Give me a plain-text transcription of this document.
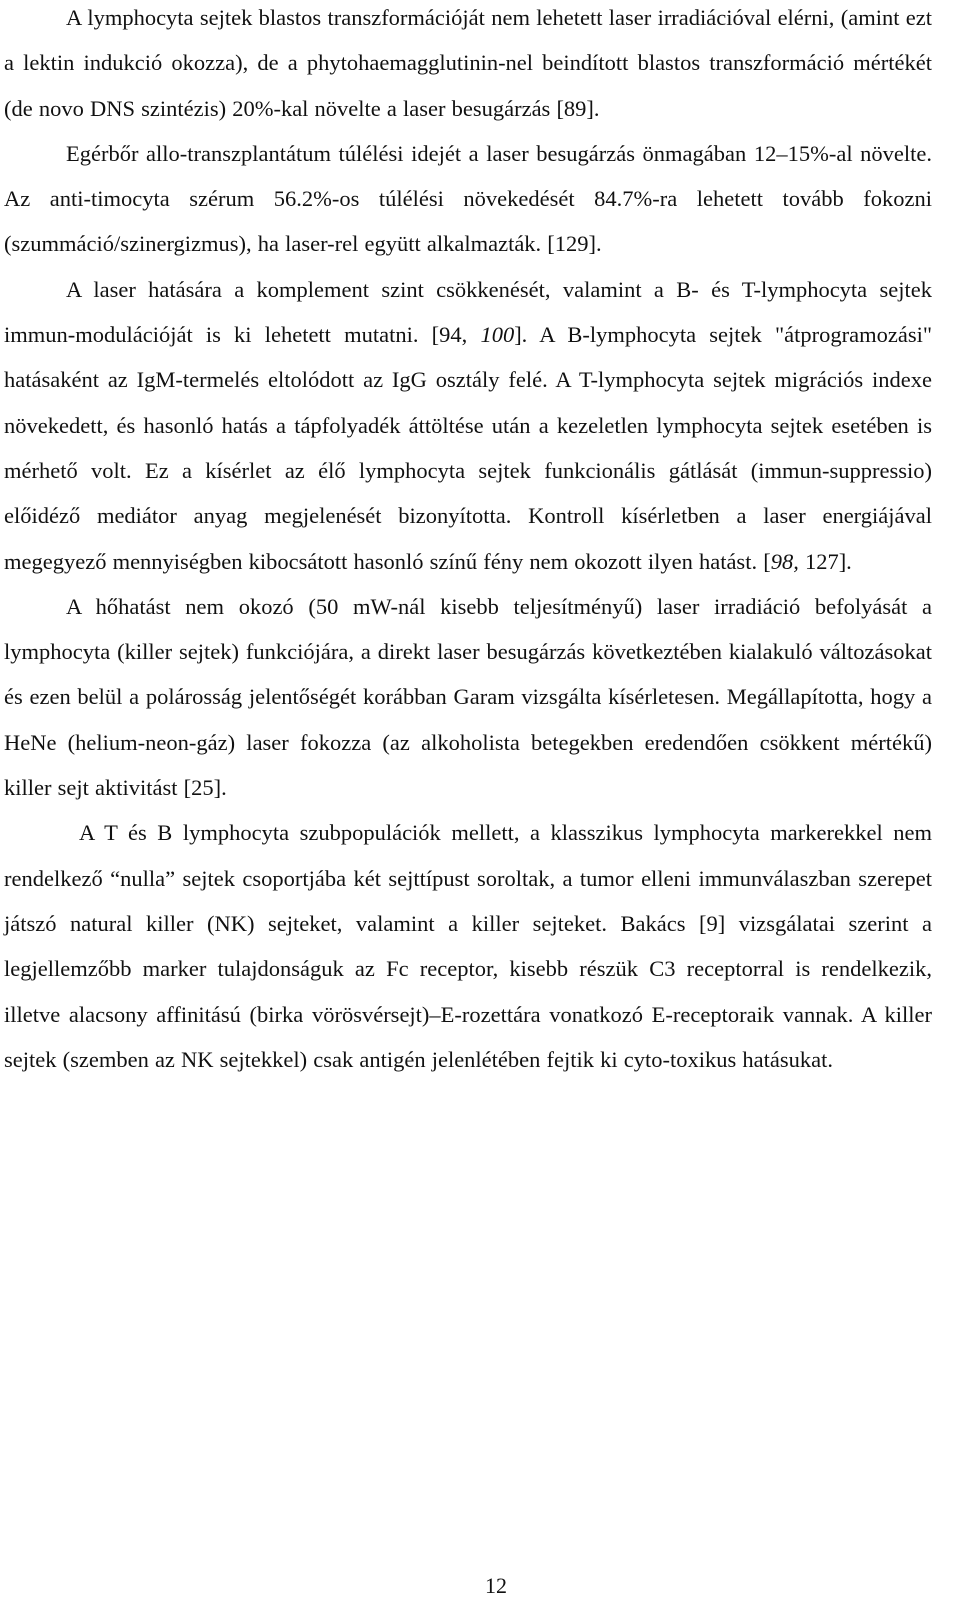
A lymphocyta sejtek blastos transzformációját nem lehetett laser irradiációval elérni, (amint ezt a lektin indukció okozza), de a phytohaemagglutinin-nel beindított blastos transzformáció mértékét (de novo DNS szintézis) 20%-kal növelte a laser besugárzás [89].

Egérbőr allo-transzplantátum túlélési idejét a laser besugárzás önmagában 12–15%-al növelte. Az anti-timocyta szérum 56.2%-os túlélési növekedését 84.7%-ra lehetett tovább fokozni (szummáció/szinergizmus), ha laser-rel együtt alkalmazták. [129].

A laser hatására a komplement szint csökkenését, valamint a B- és T-lymphocyta sejtek immun-modulációját is ki lehetett mutatni. [94, 100]. A B-lymphocyta sejtek "átprogramozási" hatásaként az IgM-termelés eltolódott az IgG osztály felé. A T-lymphocyta sejtek migrációs indexe növekedett, és hasonló hatás a tápfolyadék áttöltése után a kezeletlen lymphocyta sejtek esetében is mérhető volt. Ez a kísérlet az élő lymphocyta sejtek funkcionális gátlását (immun-suppressio) előidéző mediátor anyag megjelenését bizonyította. Kontroll kísérletben a laser energiájával megegyező mennyiségben kibocsátott hasonló színű fény nem okozott ilyen hatást. [98, 127].

A hőhatást nem okozó (50 mW-nál kisebb teljesítményű) laser irradiáció befolyását a lymphocyta (killer sejtek) funkciójára, a direkt laser besugárzás következtében kialakuló változásokat és ezen belül a polárosság jelentőségét korábban Garam vizsgálta kísérletesen. Megállapította, hogy a HeNe (helium-neon-gáz) laser fokozza (az alkoholista betegekben eredendően csökkent mértékű) killer sejt aktivitást [25].

A T és B lymphocyta szubpopulációk mellett, a klasszikus lymphocyta markerekkel nem rendelkező “nulla” sejtek csoportjába két sejttípust soroltak, a tumor elleni immunválaszban szerepet játszó natural killer (NK) sejteket, valamint a killer sejteket. Bakács [9] vizsgálatai szerint a legjellemzőbb marker tulajdonságuk az Fc receptor, kisebb részük C3 receptorral is rendelkezik, illetve alacsony affinitású (birka vörösvérsejt)–E-rozettára vonatkozó E-receptoraik vannak. A killer sejtek (szemben az NK sejtekkel) csak antigén jelenlétében fejtik ki cyto-toxikus hatásukat.

12
